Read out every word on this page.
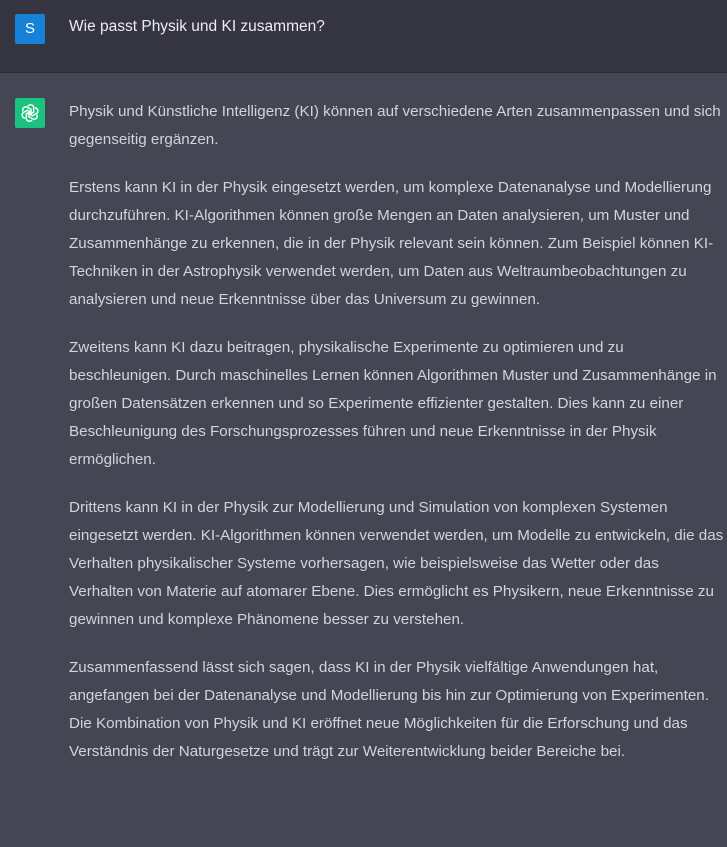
S	Wie passt Physik und KI zusammen?

Physik und Künstliche Intelligenz (KI) können auf verschiedene Arten zusammenpassen und sich gegenseitig ergänzen.

Erstens kann KI in der Physik eingesetzt werden, um komplexe Datenanalyse und Modellierung durchzuführen. KI-Algorithmen können große Mengen an Daten analysieren, um Muster und Zusammenhänge zu erkennen, die in der Physik relevant sein können. Zum Beispiel können KI-Techniken in der Astrophysik verwendet werden, um Daten aus Weltraumbeobachtungen zu analysieren und neue Erkenntnisse über das Universum zu gewinnen.

Zweitens kann KI dazu beitragen, physikalische Experimente zu optimieren und zu beschleunigen. Durch maschinelles Lernen können Algorithmen Muster und Zusammenhänge in großen Datensätzen erkennen und so Experimente effizienter gestalten. Dies kann zu einer Beschleunigung des Forschungsprozesses führen und neue Erkenntnisse in der Physik ermöglichen.

Drittens kann KI in der Physik zur Modellierung und Simulation von komplexen Systemen eingesetzt werden. KI-Algorithmen können verwendet werden, um Modelle zu entwickeln, die das Verhalten physikalischer Systeme vorhersagen, wie beispielsweise das Wetter oder das Verhalten von Materie auf atomarer Ebene. Dies ermöglicht es Physikern, neue Erkenntnisse zu gewinnen und komplexe Phänomene besser zu verstehen.

Zusammenfassend lässt sich sagen, dass KI in der Physik vielfältige Anwendungen hat, angefangen bei der Datenanalyse und Modellierung bis hin zur Optimierung von Experimenten. Die Kombination von Physik und KI eröffnet neue Möglichkeiten für die Erforschung und das Verständnis der Naturgesetze und trägt zur Weiterentwicklung beider Bereiche bei.
